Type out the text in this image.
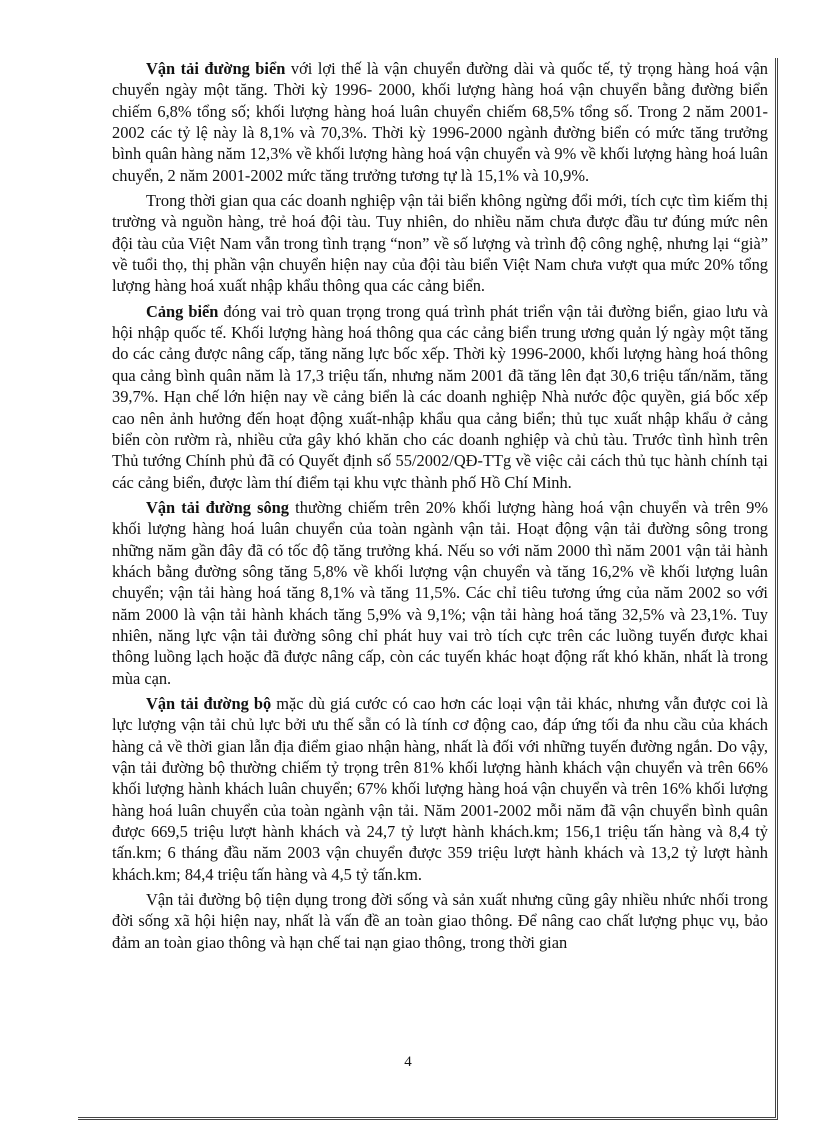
Vận tải đường biển với lợi thế là vận chuyển đường dài và quốc tế, tỷ trọng hàng hoá vận chuyển ngày một tăng. Thời kỳ 1996- 2000, khối lượng hàng hoá vận chuyển bằng đường biển chiếm 6,8% tổng số; khối lượng hàng hoá luân chuyển chiếm 68,5% tổng số. Trong 2 năm 2001-2002 các tỷ lệ này là 8,1% và 70,3%. Thời kỳ 1996-2000 ngành đường biển có mức tăng trưởng bình quân hàng năm 12,3% về khối lượng hàng hoá vận chuyển và 9% về khối lượng hàng hoá luân chuyển, 2 năm 2001-2002 mức tăng trưởng tương tự là 15,1% và 10,9%.

Trong thời gian qua các doanh nghiệp vận tải biển không ngừng đổi mới, tích cực tìm kiếm thị trường và nguồn hàng, trẻ hoá đội tàu. Tuy nhiên, do nhiều năm chưa được đầu tư đúng mức nên đội tàu của Việt Nam vẫn trong tình trạng “non” về số lượng và trình độ công nghệ, nhưng lại “già” về tuổi thọ, thị phần vận chuyển hiện nay của đội tàu biển Việt Nam chưa vượt qua mức 20% tổng lượng hàng hoá xuất nhập khẩu thông qua các cảng biển.

Cảng biển đóng vai trò quan trọng trong quá trình phát triển vận tải đường biển, giao lưu và hội nhập quốc tế. Khối lượng hàng hoá thông qua các cảng biển trung ương quản lý ngày một tăng do các cảng được nâng cấp, tăng năng lực bốc xếp. Thời kỳ 1996-2000, khối lượng hàng hoá thông qua cảng bình quân năm là 17,3 triệu tấn, nhưng năm 2001 đã tăng lên đạt 30,6 triệu tấn/năm, tăng 39,7%. Hạn chế lớn hiện nay về cảng biển là các doanh nghiệp Nhà nước độc quyền, giá bốc xếp cao nên ảnh hưởng đến hoạt động xuất-nhập khẩu qua cảng biển; thủ tục xuất nhập khẩu ở cảng biển còn rườm rà, nhiều cửa gây khó khăn cho các doanh nghiệp và chủ tàu. Trước tình hình trên Thủ tướng Chính phủ đã có Quyết định số 55/2002/QĐ-TTg về việc cải cách thủ tục hành chính tại các cảng biển, được làm thí điểm tại khu vực thành phố Hồ Chí Minh.

Vận tải đường sông thường chiếm trên 20% khối lượng hàng hoá vận chuyển và trên 9% khối lượng hàng hoá luân chuyển của toàn ngành vận tải. Hoạt động vận tải đường sông trong những năm gần đây đã có tốc độ tăng trưởng khá. Nếu so với năm 2000 thì năm 2001 vận tải hành khách bằng đường sông tăng 5,8% về khối lượng vận chuyển và tăng 16,2% về khối lượng luân chuyển; vận tải hàng hoá tăng 8,1% và tăng 11,5%. Các chỉ tiêu tương ứng của năm 2002 so với năm 2000 là vận tải hành khách tăng 5,9% và 9,1%; vận tải hàng hoá tăng 32,5% và 23,1%. Tuy nhiên, năng lực vận tải đường sông chỉ phát huy vai trò tích cực trên các luồng tuyến được khai thông luồng lạch hoặc đã được nâng cấp, còn các tuyến khác hoạt động rất khó khăn, nhất là trong mùa cạn.

Vận tải đường bộ mặc dù giá cước có cao hơn các loại vận tải khác, nhưng vẫn được coi là lực lượng vận tải chủ lực bởi ưu thế sẵn có là tính cơ động cao, đáp ứng tối đa nhu cầu của khách hàng cả về thời gian lẫn địa điểm giao nhận hàng, nhất là đối với những tuyến đường ngắn. Do vậy, vận tải đường bộ thường chiếm tỷ trọng trên 81% khối lượng hành khách vận chuyển và trên 66% khối lượng hành khách luân chuyển; 67% khối lượng hàng hoá vận chuyển và trên 16% khối lượng hàng hoá luân chuyển của toàn ngành vận tải. Năm 2001-2002 mỗi năm đã vận chuyển bình quân được 669,5 triệu lượt hành khách và 24,7 tỷ lượt hành khách.km; 156,1 triệu tấn hàng và 8,4 tỷ tấn.km; 6 tháng đầu năm 2003 vận chuyển được 359 triệu lượt hành khách và 13,2 tỷ lượt hành khách.km; 84,4 triệu tấn hàng và 4,5 tỷ tấn.km.

Vận tải đường bộ tiện dụng trong đời sống và sản xuất nhưng cũng gây nhiều nhức nhối trong đời sống xã hội hiện nay, nhất là vấn đề an toàn giao thông. Để nâng cao chất lượng phục vụ, bảo đảm an toàn giao thông và hạn chế tai nạn giao thông, trong thời gian

4
